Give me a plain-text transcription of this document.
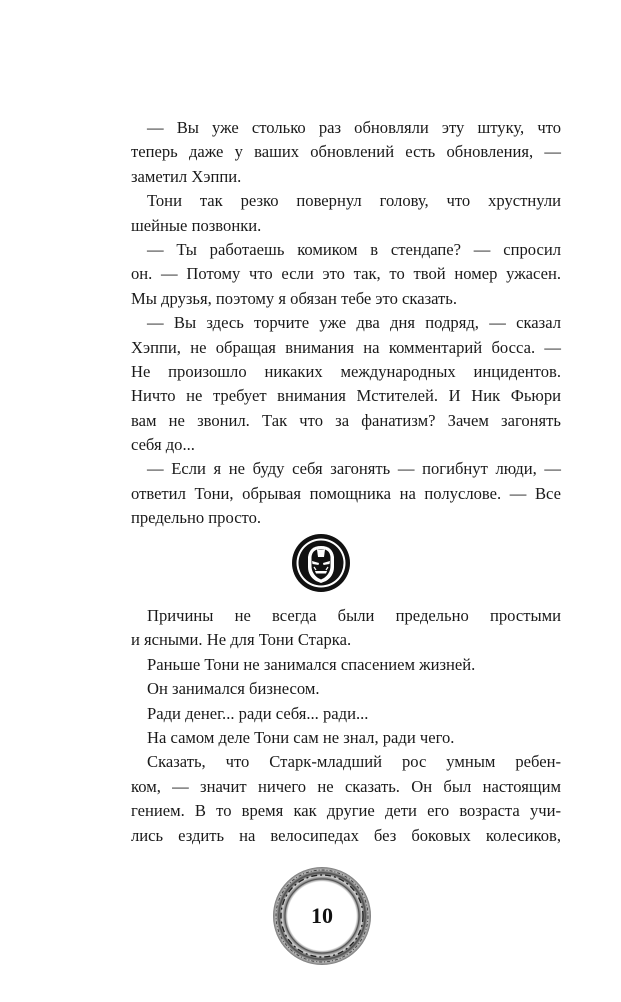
— Вы уже столько раз обновляли эту штуку, что
теперь даже у ваших обновлений есть обновления, —
заметил Хэппи.
Тони так резко повернул голову, что хрустнули
шейные позвонки.
— Ты работаешь комиком в стендапе? — спросил
он. — Потому что если это так, то твой номер ужасен.
Мы друзья, поэтому я обязан тебе это сказать.
— Вы здесь торчите уже два дня подряд, — сказал
Хэппи, не обращая внимания на комментарий босса. —
Не произошло никаких международных инцидентов.
Ничто не требует внимания Мстителей. И Ник Фьюри
вам не звонил. Так что за фанатизм? Зачем загонять
себя до...
— Если я не буду себя загонять — погибнут люди, —
ответил Тони, обрывая помощника на полуслове. — Все
предельно просто.
Причины не всегда были предельно простыми
и ясными. Не для Тони Старка.
Раньше Тони не занимался спасением жизней.
Он занимался бизнесом.
Ради денег... ради себя... ради...
На самом деле Тони сам не знал, ради чего.
Сказать, что Старк-младший рос умным ребен-
ком, — значит ничего не сказать. Он был настоящим
гением. В то время как другие дети его возраста учи-
лись ездить на велосипедах без боковых колесиков,
10
